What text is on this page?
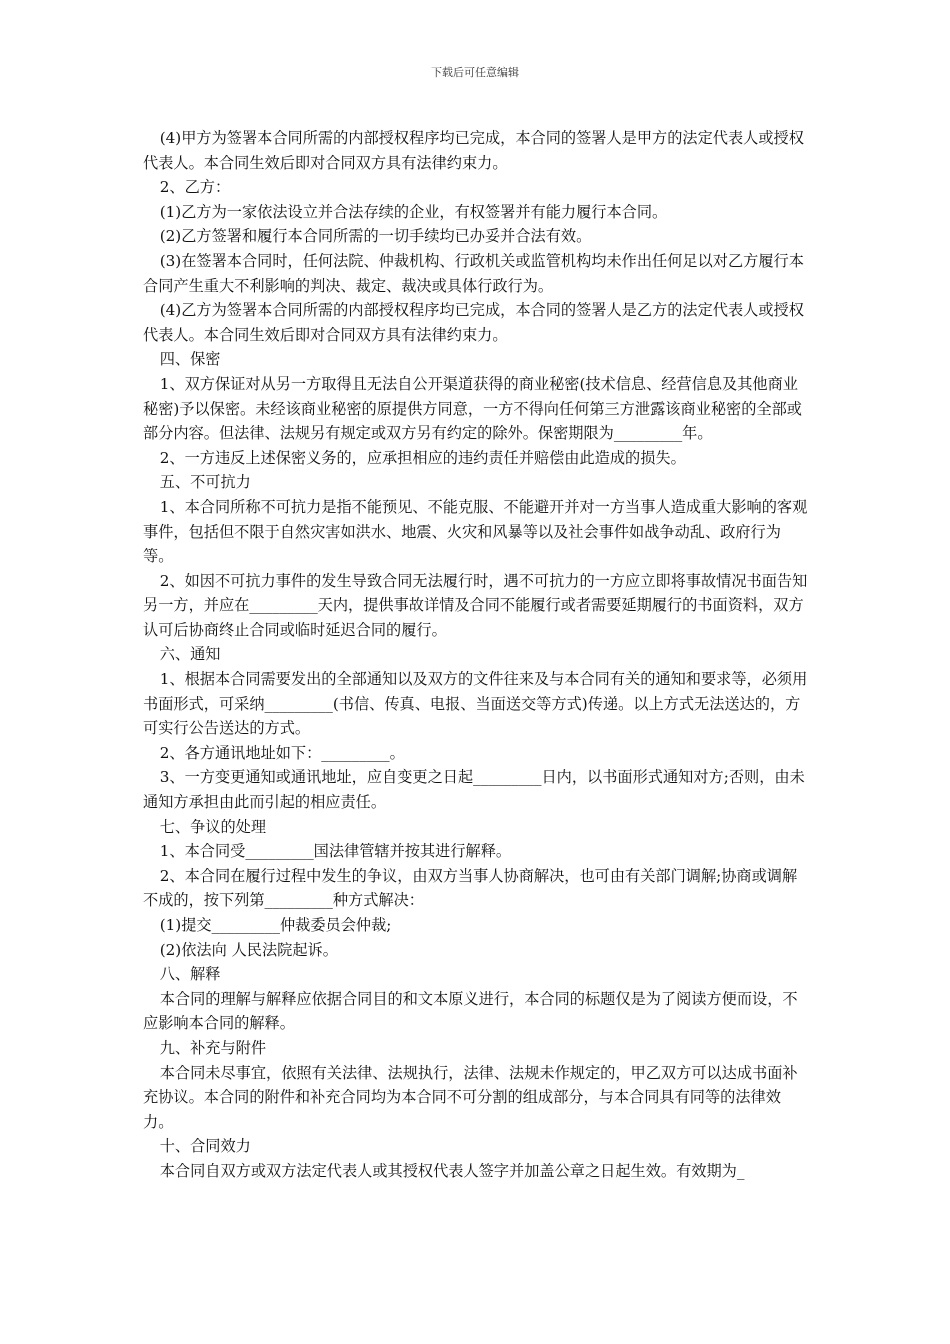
下载后可任意编辑

(4)甲方为签署本合同所需的内部授权程序均已完成，本合同的签署人是甲方的法定代表人或授权代表人。本合同生效后即对合同双方具有法律约束力。

2、乙方：

(1)乙方为一家依法设立并合法存续的企业，有权签署并有能力履行本合同。

(2)乙方签署和履行本合同所需的一切手续均已办妥并合法有效。

(3)在签署本合同时，任何法院、仲裁机构、行政机关或监管机构均未作出任何足以对乙方履行本合同产生重大不利影响的判决、裁定、裁决或具体行政行为。

(4)乙方为签署本合同所需的内部授权程序均已完成，本合同的签署人是乙方的法定代表人或授权代表人。本合同生效后即对合同双方具有法律约束力。

四、保密

1、双方保证对从另一方取得且无法自公开渠道获得的商业秘密(技术信息、经营信息及其他商业秘密)予以保密。未经该商业秘密的原提供方同意，一方不得向任何第三方泄露该商业秘密的全部或部分内容。但法律、法规另有规定或双方另有约定的除外。保密期限为_________年。

2、一方违反上述保密义务的，应承担相应的违约责任并赔偿由此造成的损失。

五、不可抗力

1、本合同所称不可抗力是指不能预见、不能克服、不能避开并对一方当事人造成重大影响的客观事件，包括但不限于自然灾害如洪水、地震、火灾和风暴等以及社会事件如战争动乱、政府行为等。

2、如因不可抗力事件的发生导致合同无法履行时，遇不可抗力的一方应立即将事故情况书面告知另一方，并应在_________天内，提供事故详情及合同不能履行或者需要延期履行的书面资料，双方认可后协商终止合同或临时延迟合同的履行。

六、通知

1、根据本合同需要发出的全部通知以及双方的文件往来及与本合同有关的通知和要求等，必须用书面形式，可采纳_________(书信、传真、电报、当面送交等方式)传递。以上方式无法送达的，方可实行公告送达的方式。

2、各方通讯地址如下：_________。

3、一方变更通知或通讯地址，应自变更之日起_________日内，以书面形式通知对方;否则，由未通知方承担由此而引起的相应责任。

七、争议的处理

1、本合同受_________国法律管辖并按其进行解释。

2、本合同在履行过程中发生的争议，由双方当事人协商解决，也可由有关部门调解;协商或调解不成的，按下列第_________种方式解决：

(1)提交_________仲裁委员会仲裁;

(2)依法向 人民法院起诉。

八、解释

本合同的理解与解释应依据合同目的和文本原义进行，本合同的标题仅是为了阅读方便而设，不应影响本合同的解释。

九、补充与附件

本合同未尽事宜，依照有关法律、法规执行，法律、法规未作规定的，甲乙双方可以达成书面补充协议。本合同的附件和补充合同均为本合同不可分割的组成部分，与本合同具有同等的法律效力。

十、合同效力

本合同自双方或双方法定代表人或其授权代表人签字并加盖公章之日起生效。有效期为_
